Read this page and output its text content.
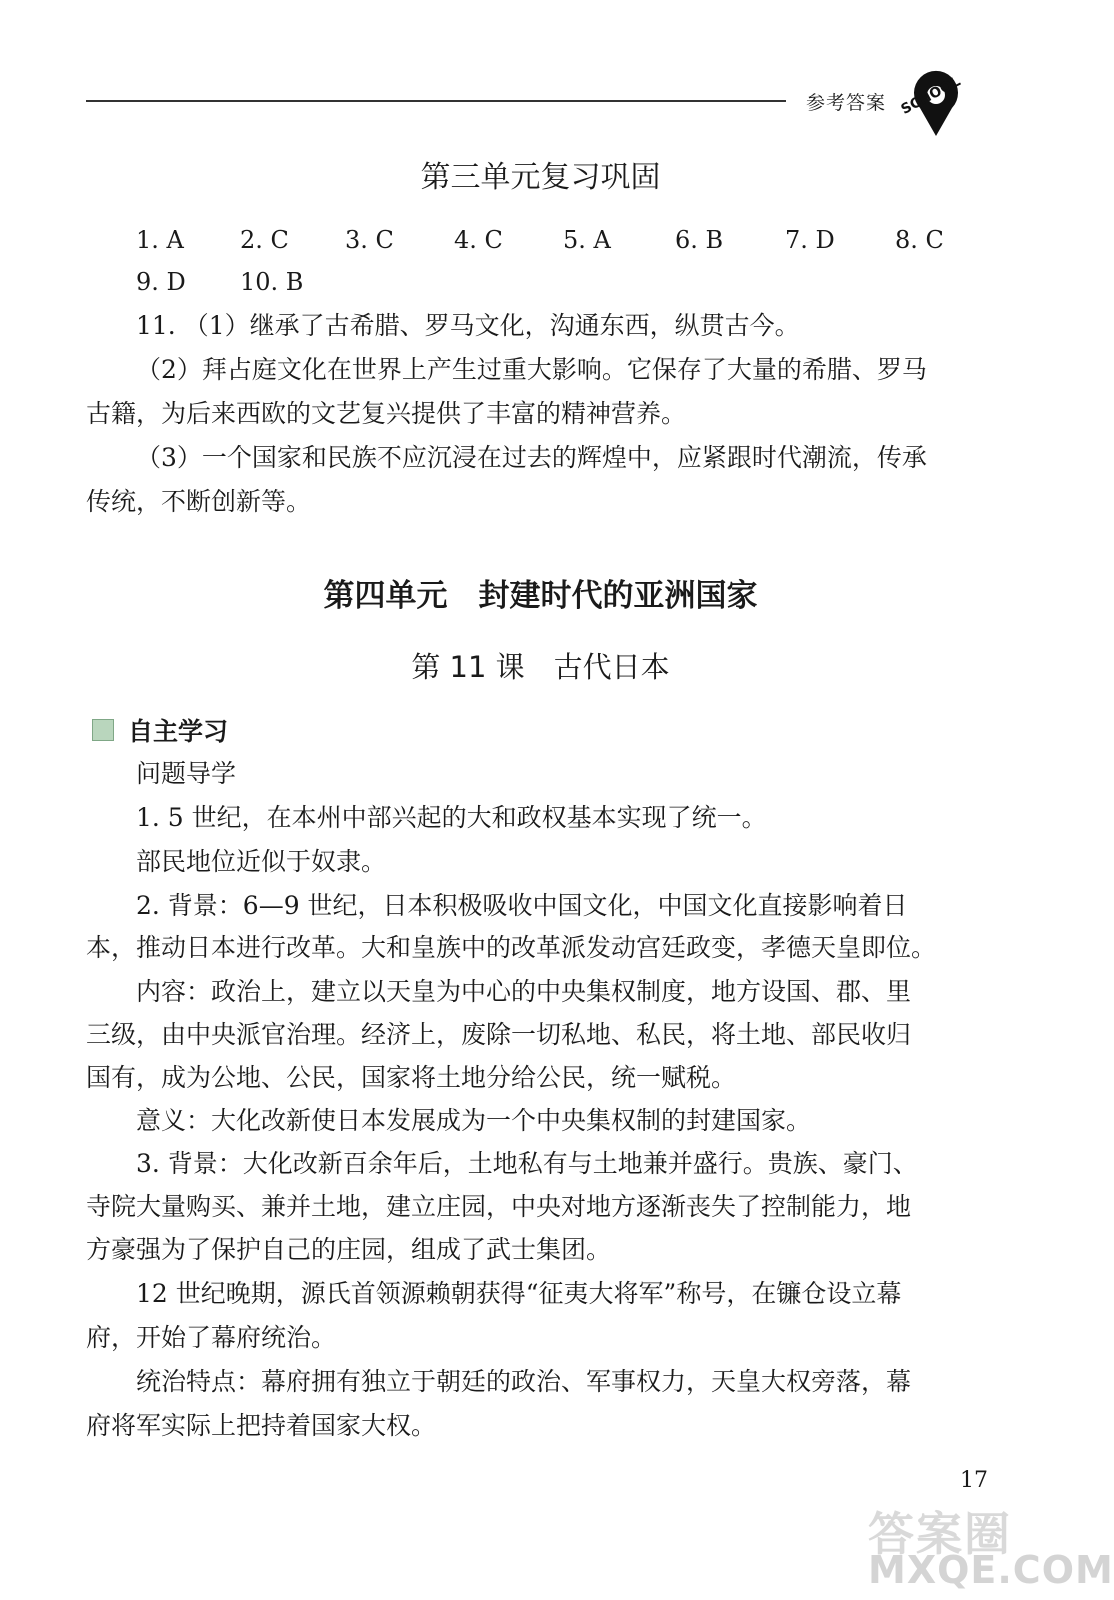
参考答案 SCHOOL
第三单元复习巩固
1. A 2. C 3. C	4. C	5. A	6. B	7. D	8. C
9. D 10. B
11. （1）继承了古希腊、罗马文化，沟通东西，纵贯古今。
（2）拜占庭文化在世界上产生过重大影响。它保存了大量的希腊、罗马
古籍，为后来西欧的文艺复兴提供了丰富的精神营养。
（3）一个国家和民族不应沉浸在过去的辉煌中，应紧跟时代潮流，传承
传统，不断创新等。
第四单元　封建时代的亚洲国家
第 11 课　古代日本
自主学习
问题导学
1. 5 世纪，在本州中部兴起的大和政权基本实现了统一。
部民地位近似于奴隶。
2. 背景：6—9 世纪，日本积极吸收中国文化，中国文化直接影响着日
本，推动日本进行改革。大和皇族中的改革派发动宫廷政变，孝德天皇即位。
内容：政治上，建立以天皇为中心的中央集权制度，地方设国、郡、里
三级，由中央派官治理。经济上，废除一切私地、私民，将土地、部民收归
国有，成为公地、公民，国家将土地分给公民，统一赋税。
意义：大化改新使日本发展成为一个中央集权制的封建国家。
3. 背景：大化改新百余年后，土地私有与土地兼并盛行。贵族、豪门、
寺院大量购买、兼并土地，建立庄园，中央对地方逐渐丧失了控制能力，地
方豪强为了保护自己的庄园，组成了武士集团。
12 世纪晚期，源氏首领源赖朝获得“征夷大将军”称号，在镰仓设立幕
府，开始了幕府统治。
统治特点：幕府拥有独立于朝廷的政治、军事权力，天皇大权旁落，幕
府将军实际上把持着国家大权。
17
答案圈
MXQE.COM
